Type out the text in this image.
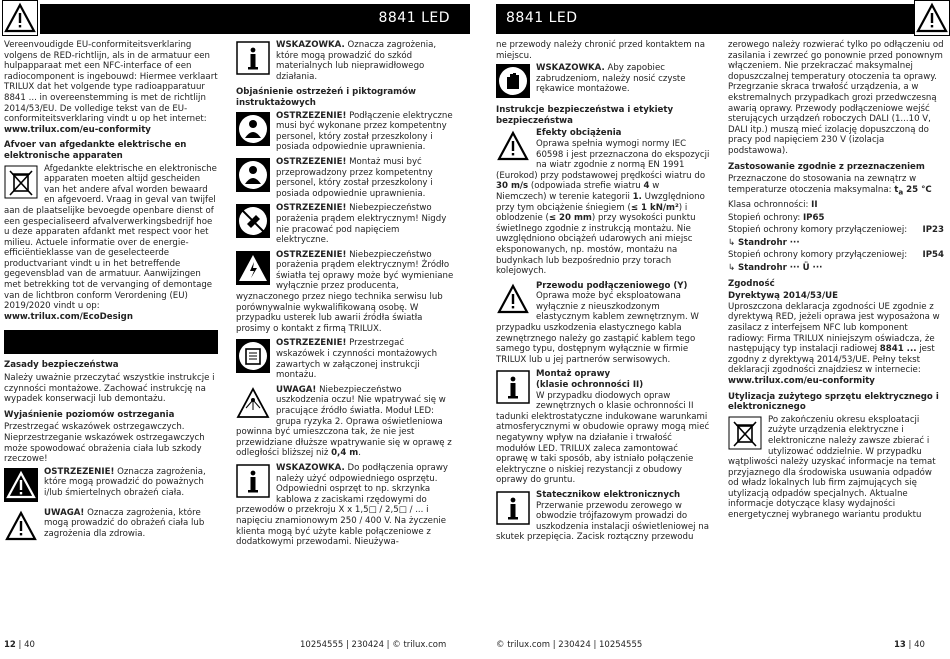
8841 LED

Vereenvoudigde EU-conformiteitsverklaring volgens de RED-richtlijn, als in de armatuur een hulpapparaat met een NFC-interface of een radiocomponent is ingebouwd: Hiermee verklaart TRILUX dat het volgende type radioapparatuur 8841 ... in overeenstemming is met de richtlijn 2014/53/EU. De volledige tekst van de EU-conformiteitsverklaring vindt u op het internet: www.trilux.com/eu-conformity

Afvoer van afgedankte elektrische en elektronische apparaten

Afgedankte elektrische en elektronische apparaten moeten altijd gescheiden van het andere afval worden bewaard en afgevoerd. Vraag in geval van twijfel aan de plaatselijke bevoegde openbare dienst of een gespecialiseerd afvalverwerkingsbedrijf hoe u deze apparaten afdankt met respect voor het milieu. Actuele informatie over de energie-efficiëntieklasse van de geselecteerde productvariant vindt u in het betreffende gegevensblad van de armatuur. Aanwijzingen met betrekking tot de vervanging of demontage van de lichtbron conform Verordening (EU) 2019/2020 vindt u op: www.trilux.com/EcoDesign

Zasady bezpieczeństwa

Należy uważnie przeczytać wszystkie instrukcje i czynności montażowe. Zachować instrukcję na wypadek konserwacji lub demontażu.

Wyjaśnienie poziomów ostrzegania

Przestrzegać wskazówek ostrzegawczych. Nieprzestrzeganie wskazówek ostrzegawczych może spowodować obrażenia ciała lub szkody rzeczowe!

OSTRZEŻENIE! Oznacza zagrożenia, które mogą prowadzić do poważnych i/lub śmiertelnych obrażeń ciała.
UWAGA! Oznacza zagrożenia, które mogą prowadzić do obrażeń ciała lub zagrożenia dla zdrowia.
WSKAZÓWKA. Oznacza zagrożenia, które mogą prowadzić do szkód materialnych lub nieprawidłowego działania.

Objaśnienie ostrzeżeń i piktogramów instruktażowych

OSTRZEŻENIE! Podłączenie elektryczne musi być wykonane przez kompetentny personel, który został przeszkolony i posiada odpowiednie uprawnienia.
OSTRZEŻENIE! Montaż musi być przeprowadzony przez kompetentny personel, który został przeszkolony i posiada odpowiednie uprawnienia.
OSTRZEŻENIE! Niebezpieczeństwo porażenia prądem elektrycznym! Nigdy nie pracować pod napięciem elektryczne.
OSTRZEŻENIE! Niebezpieczeństwo porażenia prądem elektrycznym! Źródło światła tej oprawy może być wymieniane wyłącznie przez producenta, wyznaczonego przez niego technika serwisu lub porównywalnie wykwalifikowaną osobę. W przypadku usterek lub awarii źródła światła prosimy o kontakt z firmą TRILUX.
OSTRZEŻENIE! Przestrzegać wskazówek i czynności montażowych zawartych w załączonej instrukcji montażu.
UWAGA! Niebezpieczeństwo uszkodzenia oczu! Nie wpatrywać się w pracujące źródło światła. Moduł LED: grupa ryzyka 2. Oprawa oświetleniowa powinna być umieszczona tak, że nie jest przewidziane dłuższe wpatrywanie się w oprawę z odległości bliższej niż 0,4 m.
WSKAZÓWKA. Do podłączenia oprawy należy użyć odpowiedniego osprzętu. Odpowiedni osprzęt to np. skrzynka kablowa z zaciskami rzędowymi do przewodów o przekroju X x 1,5□ / 2,5□ / ... i napięciu znamionowym 250 / 400 V. Na życzenie klienta mogą być użyte kable połączeniowe z dodatkowymi przewodami. Nieużywa-
12 | 40	10254555 | 230424 | © trilux.com
8841 LED

ne przewody należy chronić przed kontaktem na miejscu.

WSKAZÓWKA. Aby zapobiec zabrudzeniom, należy nosić czyste rękawice montażowe.

Instrukcje bezpieczeństwa i etykiety bezpieczeństwa

Efekty obciążenia
Oprawa spełnia wymogi normy IEC 60598 i jest przeznaczona do ekspozycji na wiatr zgodnie z normą EN 1991 (Eurokod) przy podstawowej prędkości wiatru do 30 m/s (odpowiada strefie wiatru 4 w Niemczech) w terenie kategorii 1. Uwzględniono przy tym obciążenie śniegiem (≤ 1 kN/m²) i oblodzenie (≤ 20 mm) przy wysokości punktu świetlnego zgodnie z instrukcją montażu. Nie uwzględniono obciążeń udarowych ani miejsc eksponowanych, np. mostów, montażu na budynkach lub bezpośrednio przy torach kolejowych.
Przewodu podłączeniowego (Y)
Oprawa może być eksploatowana wyłącznie z nieuszkodzonym elastycznym kablem zewnętrznym. W przypadku uszkodzenia elastycznego kabla zewnętrznego należy go zastąpić kablem tego samego typu, dostępnym wyłącznie w firmie TRILUX lub u jej partnerów serwisowych.
Montaż oprawy
(klasie ochronności II)
W przypadku diodowych opraw zewnętrznych o klasie ochronności II tadunki elektrostatyczne indukowane warunkami atmosferycznymi w obudowie oprawy mogą mieć negatywny wpływ na działanie i trwałość modułów LED. TRILUX zaleca zamontować oprawę w taki sposób, aby istniało połączenie elektryczne o niskiej rezystancji z obudowy oprawy do gruntu.
Statecznikow elektronicznych
Przerwanie przewodu zerowego w obwodzie trójfazowym prowadzi do uszkodzenia instalacji oświetleniowej na skutek przepięcia. Zacisk roztączny przewodu

zerowego należy rozwierać tylko po odłączeniu od zasilania i zewrzeć go ponownie przed ponownym włączeniem. Nie przekraczać maksymalnej dopuszczalnej temperatury otoczenia ta oprawy. Przegrzanie skraca trwałość urządzenia, a w ekstremalnych przypadkach grozi przedwczesną awarią oprawy. Przewody podłączeniowe wejść sterujących urządzeń roboczych DALI (1...10 V, DALI itp.) muszą mieć izolację dopuszczoną do pracy pod napięciem 230 V (izolacja podstawowa).

Zastosowanie zgodnie z przeznaczeniem

Przeznaczone do stosowania na zewnątrz w temperaturze otoczenia maksymalna: $t_a$ 25 °C

Klasa ochronności: II

Stopień ochrony: IP65

Stopień ochrony komory przyłączeniowej: IP23

↳ Standrohr ···

Stopień ochrony komory przyłączeniowej: IP54

↳ Standrohr ··· Ü ···

Zgodność

Dyrektywą 2014/53/UE

Uproszczona deklaracja zgodności UE zgodnie z dyrektywą RED, jeżeli oprawa jest wyposażona w zasilacz z interfejsem NFC lub komponent radiowy: Firma TRILUX niniejszym oświadcza, że następujący typ instalacji radiowej 8841 ... jest zgodny z dyrektywą 2014/53/UE. Pełny tekst deklaracji zgodności znajdziesz w internecie: www.trilux.com/eu-conformity

Utylizacja zużytego sprzętu elektrycznego i elektronicznego

Po zakończeniu okresu eksploatacji zużyte urządzenia elektryczne i elektroniczne należy zawsze zbierać i utylizować oddzielnie. W przypadku wątpliwości należy uzyskać informacje na temat przyjaznego dla środowiska usuwania odpadów od władz lokalnych lub firm zajmujących się utylizacją odpadów specjalnych. Aktualne informacje dotyczące klasy wydajności energetycznej wybranego wariantu produktu
© trilux.com | 230424 | 10254555	13 | 40
